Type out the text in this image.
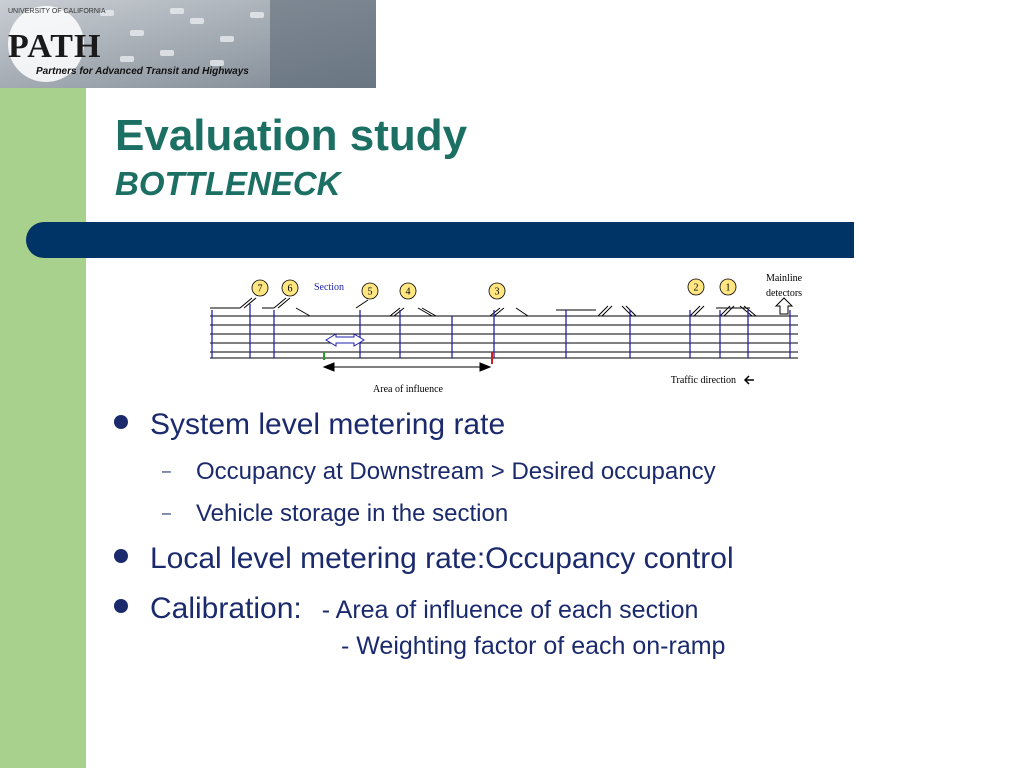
PATH
UNIVERSITY OF CALIFORNIA
Partners for Advanced Transit and Highways
Evaluation study
BOTTLENECK
7	6	5	4	3	2	1
Section
Mainline
detectors
Area of influence
Traffic direction
System level metering rate
– Occupancy at Downstream > Desired occupancy
– Vehicle storage in the section
Local level metering rate:Occupancy control
Calibration: - Area of influence of each section
- Weighting factor of each on-ramp
